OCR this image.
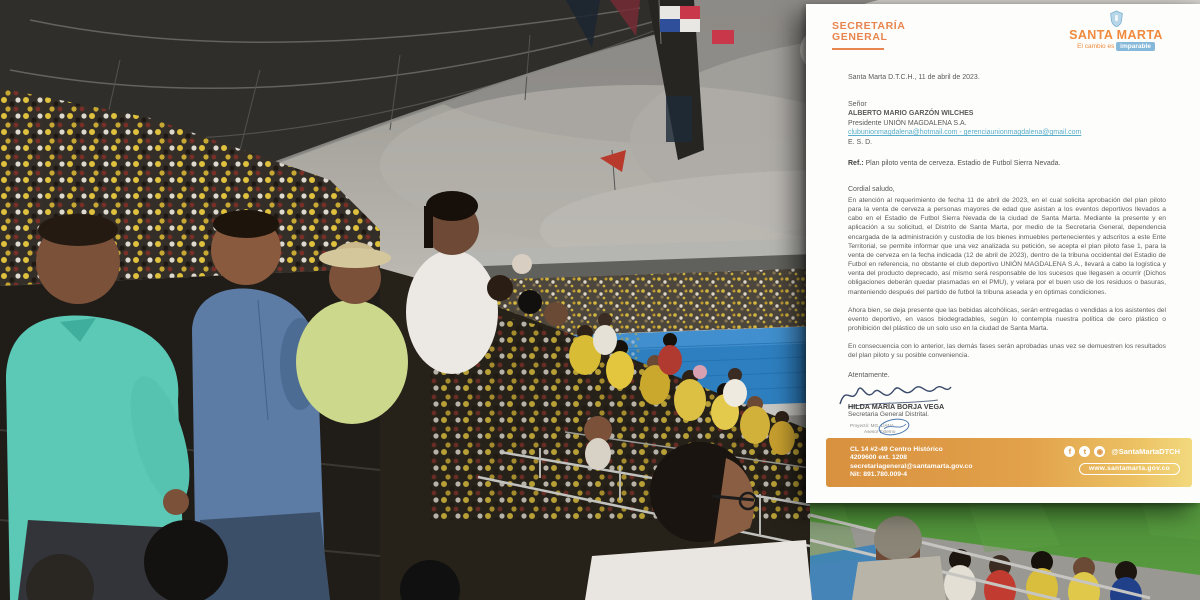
SECRETARÍA
GENERAL	SANTA MARTA
El cambio es imparable
Santa Marta D.T.C.H., 11 de abril de 2023.
Señor
ALBERTO MARIO GARZÓN WILCHES
Presidente UNIÓN MAGDALENA S.A.
clubunionmagdalena@hotmail.com - gerenciaunionmagdalena@gmail.com
E. S. D.
Ref.: Plan piloto venta de cerveza. Estadio de Futbol Sierra Nevada.
Cordial saludo,

En atención al requerimiento de fecha 11 de abril de 2023, en el cual solicita aprobación del plan piloto para la venta de cerveza a personas mayores de edad que asistan a los eventos deportivos llevados a cabo en el Estadio de Futbol Sierra Nevada de la ciudad de Santa Marta. Mediante la presente y en aplicación a su solicitud, el Distrito de Santa Marta, por medio de la Secretaria General, dependencia encargada de la administración y custodia de los bienes inmuebles pertenecientes y adscritos a este Ente Territorial, se permite informar que una vez analizada su petición, se acepta el plan piloto fase 1, para la venta de cerveza en la fecha indicada (12 de abril de 2023), dentro de la tribuna occidental del Estadio de Futbol en referencia, no obstante el club deportivo UNIÓN MAGDALENA S.A., llevará a cabo la logística y venta del producto deprecado, así mismo será responsable de los sucesos que llegasen a ocurrir (Dichos obligaciones deberán quedar plasmadas en el PMU), y velara por el buen uso de los residuos o basuras, manteniendo después del partido de futbol la tribuna aseada y en óptimas condiciones.

Ahora bien, se deja presente que las bebidas alcohólicas, serán entregadas o vendidas a los asistentes del evento deportivo, en vasos biodegradables, según lo contempla nuestra política de cero plástico o prohibición del plástico de un solo uso en la ciudad de Santa Marta.

En consecuencia con lo anterior, las demás fases serán aprobadas unas vez se demuestren los resultados del plan piloto y su posible conveniencia.

Atentamente.
HILDA MARÍA BORJA VEGA
Secretaria General Distrital.
Proyectó: MG. LIANA
Asesor Externo
CL 14 #2-49 Centro Histórico
4209600 ext. 1208
secretariageneral@santamarta.gov.co
Nit: 891.780.009-4
f	t	◉ @SantaMartaDTCH
www.santamarta.gov.co
